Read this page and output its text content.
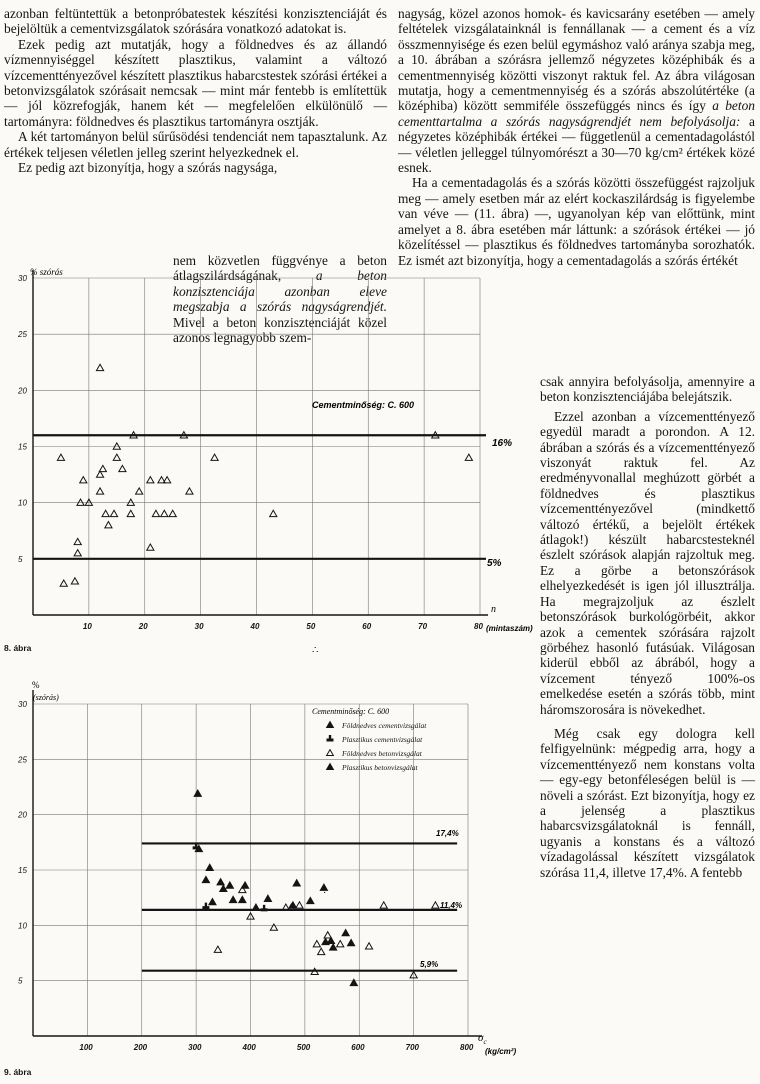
azonban feltüntettük a betonpróbatestek készítési konzisztenciáját és bejelöltük a cementvizsgálatok szórására vonatkozó adatokat is.

Ezek pedig azt mutatják, hogy a földnedves és az állandó vízmennyiséggel készített plasztikus, valamint a változó vízcementtényezővel készített plasztikus habarcstestek szórási értékei a betonvizsgálatok szórásait nemcsak — mint már fentebb is említettük — jól közrefogják, hanem két — megfelelően elkülönülő — tartományra: földnedves és plasztikus tartományra osztják.

A két tartományon belül sűrűsödési tendenciát nem tapasztalunk. Az értékek teljesen véletlen jelleg szerint helyezkednek el.

Ez pedig azt bizonyítja, hogy a szórás nagysága,

nem közvetlen függvénye a beton átlagszilárdságának,	a beton konzisztenciája azonban eleve megszabja a szórás nagyságrendjét. Mivel a beton konzisztenciáját közel azonos legnagyobb szem-

nagyság, közel azonos homok- és kavicsarány esetében — amely feltételek vizsgálatainknál is fennállanak — a cement és a víz összmennyisége és ezen belül egymáshoz való aránya szabja meg, a 10. ábrában a szórásra jellemző négyzetes középhibák és a cementmennyiség közötti viszonyt raktuk fel. Az ábra világosan mutatja, hogy a cementmennyiség és a szórás abszolútértéke (a középhiba) között semmiféle összefüggés nincs és így a beton cementtartalma a szórás nagyságrendjét nem befolyásolja: a négyzetes középhibák értékei — függetlenül a cementadagolástól — véletlen jelleggel túlnyomórészt a 30—70 kg/cm² értékek közé esnek.

Ha a cementadagolás és a szórás közötti összefüggést rajzoljuk meg — amely esetben már az elért kockaszilárdság is figyelembe van véve — (11. ábra) —, ugyanolyan kép van előttünk, mint amelyet a 8. ábra esetében már láttunk: a szórások értékei — jó közelítéssel — plasztikus és földnedves tartományba sorozhatók. Ez ismét azt bizonyítja, hogy a cementadagolás a szórás értékét

csak annyira befolyásolja, amennyire a beton konzisztenciájába belejátszik.

Ezzel azonban a vízcementtényező egyedül maradt a porondon. A 12. ábrában a szórás és a vízcementtényező viszonyát raktuk fel. Az eredményvonallal meghúzott görbét a földnedves és plasztikus vízcementtényezővel (mindkettő változó értékű, a bejelölt értékek átlagok!) készült habarcstesteknél észlelt szórások alapján rajzoltuk meg. Ez a görbe a betonszórások elhelyezkedését is igen jól illusztrálja. Ha megrajzoljuk az észlelt betonszórások burkológörbéit, akkor azok a cementek szórására rajzolt görbéhez hasonló futásúak. Világosan kiderül ebből az ábrából, hogy a vízcement tényező 100%-os emelkedése esetén a szórás több, mint háromszorosára is növekedhet.

Még csak egy dologra kell felfigyelnünk: mégpedig arra, hogy a vízcementtényező nem konstans volta — egy-egy betonféleségen belül is — növeli a szórást. Ezt bizonyítja, hogy ez a jelenség a plasztikus habarcsvizsgálatoknál is fennáll, ugyanis a konstans és a változó vízadagolással készített vizsgálatok szórása 11,4, illetve 17,4%. A fentebb

10	20	30	40	50	60	70	80
5
10
15
20
25
30
% szórás
(mintaszám)
Cementminőség: C. 600
16%
5%
n
∴
8. ábra
100	200	300	400	500	600	700	800
5
10
15
20
25
30
Földnedves cementvizsgálat
Plasztikus cementvizsgálat
Földnedves betonvizsgálat
Plasztikus betonvizsgálat
%
(szórás)
(kg/cm²)
$\sigma_c$
17,4%
11,4%
5,9%
·
Cementminőség: C. 600
9. ábra
